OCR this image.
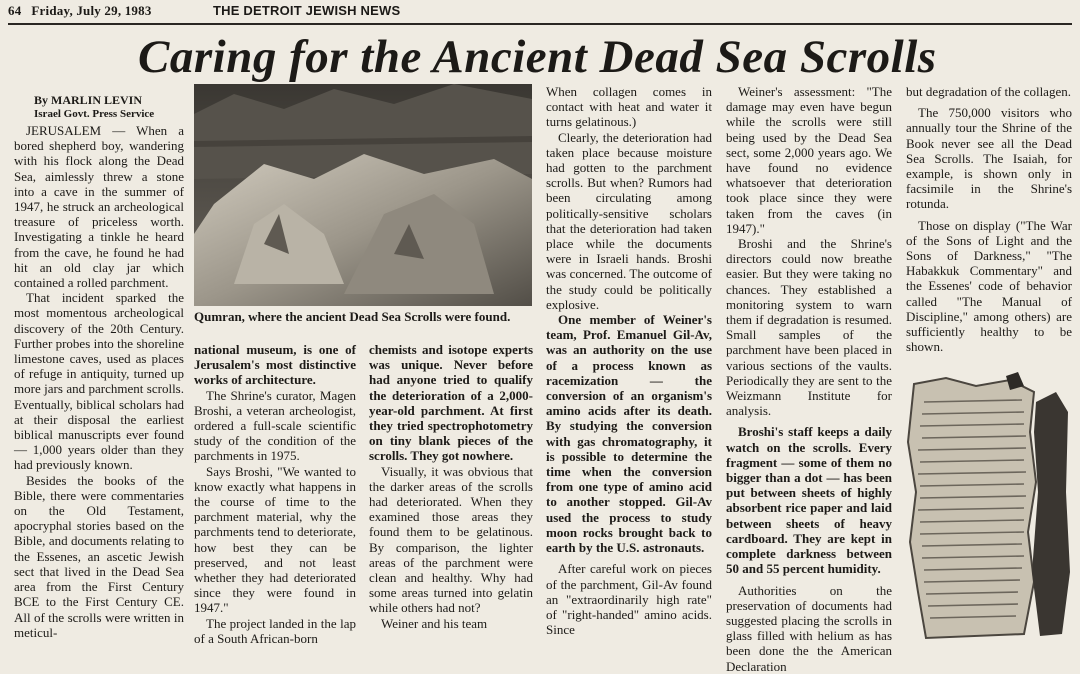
64 Friday, July 29, 1983	THE DETROIT JEWISH NEWS
Caring for the Ancient Dead Sea Scrolls
By MARLIN LEVIN
Israel Govt. Press Service

JERUSALEM — When a bored shepherd boy, wandering with his flock along the Dead Sea, aimlessly threw a stone into a cave in the summer of 1947, he struck an archeological treasure of priceless worth. Investigating a tinkle he heard from the cave, he found he had hit an old clay jar which contained a rolled parchment.

That incident sparked the most momentous archeological discovery of the 20th Century. Further probes into the shoreline limestone caves, used as places of refuge in antiquity, turned up more jars and parchment scrolls. Eventually, biblical scholars had at their disposal the earliest biblical manuscripts ever found — 1,000 years older than they had previously known.

Besides the books of the Bible, there were commentaries on the Old Testament, apocryphal stories based on the Bible, and documents relating to the Essenes, an ascetic Jewish sect that lived in the Dead Sea area from the First Century BCE to the First Century CE. All of the scrolls were written in meticul-

Qumran, where the ancient Dead Sea Scrolls were found.

national museum, is one of Jerusalem's most distinctive works of architecture.

The Shrine's curator, Magen Broshi, a veteran archeologist, ordered a full-scale scientific study of the condition of the parchments in 1975.

Says Broshi, "We wanted to know exactly what happens in the course of time to the parchment material, why the parchments tend to deteriorate, how best they can be preserved, and not least whether they had deteriorated since they were found in 1947."

The project landed in the lap of a South African-born

chemists and isotope experts was unique. Never before had anyone tried to qualify the deterioration of a 2,000-year-old parchment. At first they tried spectrophotometry on tiny blank pieces of the scrolls. They got nowhere.

Visually, it was obvious that the darker areas of the scrolls had deteriorated. When they examined those areas they found them to be gelatinous. By comparison, the lighter areas of the parchment were clean and healthy. Why had some areas turned into gelatin while others had not?

Weiner and his team

When collagen comes in contact with heat and water it turns gelatinous.)

Clearly, the deterioration had taken place because moisture had gotten to the parchment scrolls. But when? Rumors had been circulating among politically-sensitive scholars that the deterioration had taken place while the documents were in Israeli hands. Broshi was concerned. The outcome of the study could be politically explosive.

One member of Weiner's team, Prof. Emanuel Gil-Av, was an authority on the use of a process known as racemization — the conversion of an organism's amino acids after its death. By studying the conversion with gas chromatography, it is possible to determine the time when the conversion from one type of amino acid to another stopped. Gil-Av used the process to study moon rocks brought back to earth by the U.S. astronauts.

After careful work on pieces of the parchment, Gil-Av found an "extraordinarily high rate" of "right-handed" amino acids. Since

Weiner's assessment: "The damage may even have begun while the scrolls were still being used by the Dead Sea sect, some 2,000 years ago. We have found no evidence whatsoever that deterioration took place since they were taken from the caves (in 1947)."

Broshi and the Shrine's directors could now breathe easier. But they were taking no chances. They established a monitoring system to warn them if degradation is resumed. Small samples of the parchment have been placed in various sections of the vaults. Periodically they are sent to the Weizmann Institute for analysis.

Broshi's staff keeps a daily watch on the scrolls. Every fragment — some of them no bigger than a dot — has been put between sheets of highly absorbent rice paper and laid between sheets of heavy cardboard. They are kept in complete darkness between 50 and 55 percent humidity.

Authorities on the preservation of documents had suggested placing the scrolls in glass filled with helium as has been done the the American Declaration

but degradation of the collagen.

The 750,000 visitors who annually tour the Shrine of the Book never see all the Dead Sea Scrolls. The Isaiah, for example, is shown only in facsimile in the Shrine's rotunda.

Those on display ("The War of the Sons of Light and the Sons of Darkness," "The Habakkuk Commentary" and the Essenes' code of behavior called "The Manual of Discipline," among others) are sufficiently healthy to be shown.
